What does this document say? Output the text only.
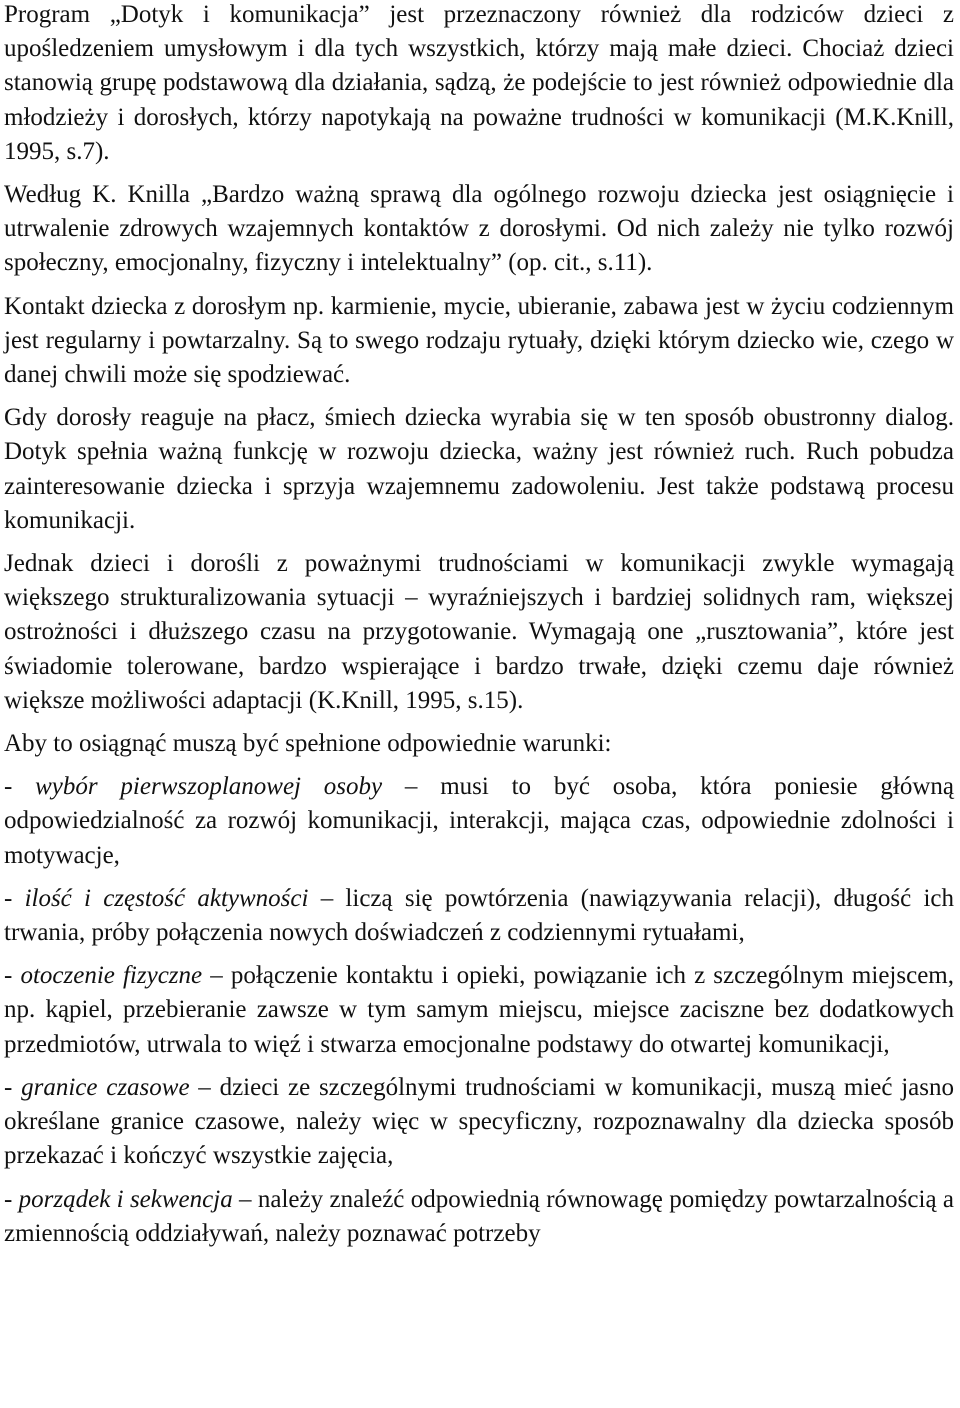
Program „Dotyk i komunikacja” jest przeznaczony również dla rodziców dzieci z upośledzeniem umysłowym i dla tych wszystkich, którzy mają małe dzieci. Chociaż dzieci stanowią grupę podstawową dla działania, sądzą, że podejście to jest również odpowiednie dla młodzieży i dorosłych, którzy napotykają na poważne trudności w komunikacji (M.K.Knill, 1995, s.7).

Według K. Knilla „Bardzo ważną sprawą dla ogólnego rozwoju dziecka jest osiągnięcie i utrwalenie zdrowych wzajemnych kontaktów z dorosłymi. Od nich zależy nie tylko rozwój społeczny, emocjonalny, fizyczny i intelektualny” (op. cit., s.11).

Kontakt dziecka z dorosłym np. karmienie, mycie, ubieranie, zabawa jest w życiu codziennym jest regularny i powtarzalny. Są to swego rodzaju rytuały, dzięki którym dziecko wie, czego w danej chwili może się spodziewać.

Gdy dorosły reaguje na płacz, śmiech dziecka wyrabia się w ten sposób obustronny dialog. Dotyk spełnia ważną funkcję w rozwoju dziecka, ważny jest również ruch. Ruch pobudza zainteresowanie dziecka i sprzyja wzajemnemu zadowoleniu. Jest także podstawą procesu komunikacji.

Jednak dzieci i dorośli z poważnymi trudnościami w komunikacji zwykle wymagają większego strukturalizowania sytuacji – wyraźniejszych i bardziej solidnych ram, większej ostrożności i dłuższego czasu na przygotowanie. Wymagają one „rusztowania”, które jest świadomie tolerowane, bardzo wspierające i bardzo trwałe, dzięki czemu daje również większe możliwości adaptacji (K.Knill, 1995, s.15).

Aby to osiągnąć muszą być spełnione odpowiednie warunki:

- wybór pierwszoplanowej osoby – musi to być osoba, która poniesie główną odpowiedzialność za rozwój komunikacji, interakcji, mająca czas, odpowiednie zdolności i motywacje,

- ilość i częstość aktywności – liczą się powtórzenia (nawiązywania relacji), długość ich trwania, próby połączenia nowych doświadczeń z codziennymi rytuałami,

- otoczenie fizyczne – połączenie kontaktu i opieki, powiązanie ich z szczególnym miejscem, np. kąpiel, przebieranie zawsze w tym samym miejscu, miejsce zaciszne bez dodatkowych przedmiotów, utrwala to więź i stwarza emocjonalne podstawy do otwartej komunikacji,

- granice czasowe – dzieci ze szczególnymi trudnościami w komunikacji, muszą mieć jasno określane granice czasowe, należy więc w specyficzny, rozpoznawalny dla dziecka sposób przekazać i kończyć wszystkie zajęcia,

- porządek i sekwencja – należy znaleźć odpowiednią równowagę pomiędzy powtarzalnością a zmiennością oddziaływań, należy poznawać potrzeby
